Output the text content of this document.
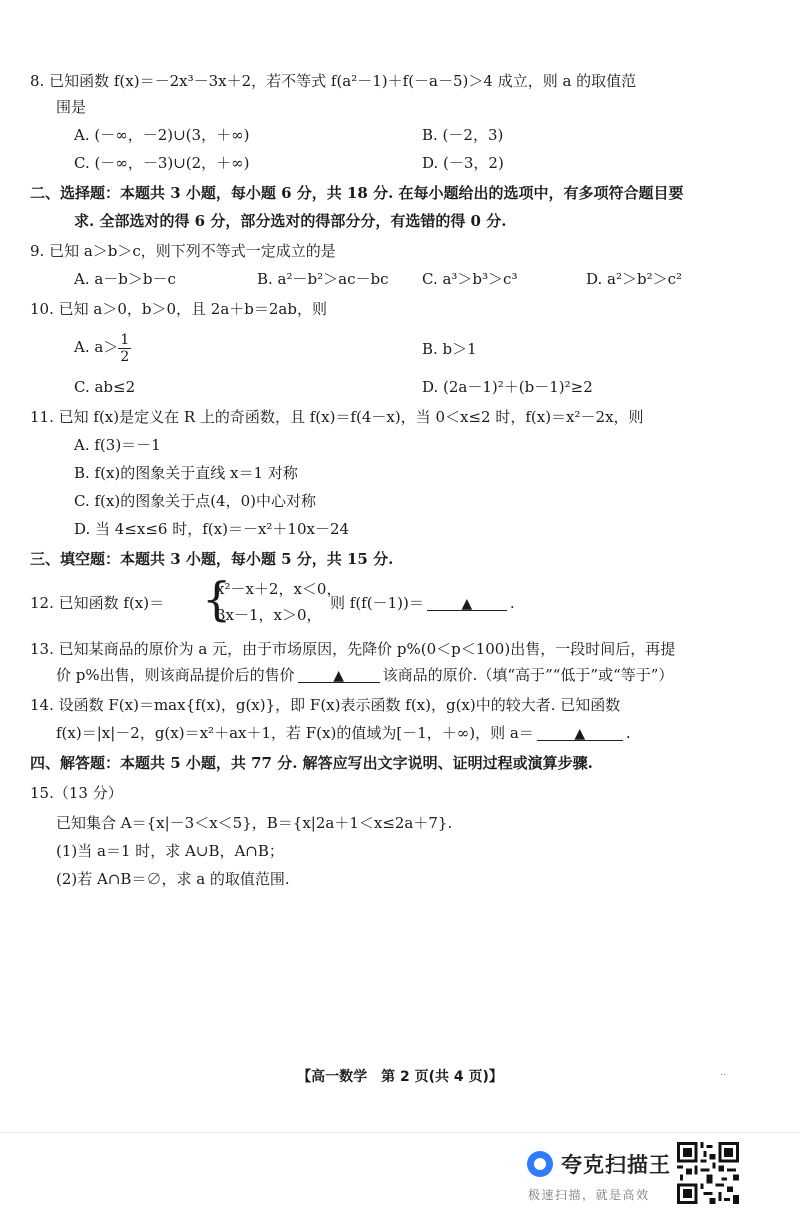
8. 已知函数 f(x)＝－2x³－3x＋2，若不等式 f(a²－1)＋f(－a－5)＞4 成立，则 a 的取值范
围是
A. (－∞，－2)∪(3，＋∞)	B. (－2，3)
C. (－∞，－3)∪(2，＋∞)	D. (－3，2)
二、选择题：本题共 3 小题，每小题 6 分，共 18 分. 在每小题给出的选项中，有多项符合题目要
求. 全部选对的得 6 分，部分选对的得部分分，有选错的得 0 分.
9. 已知 a＞b＞c，则下列不等式一定成立的是
A. a－b＞b－c	B. a²－b²＞ac－bc C. a³＞b³＞c³	D. a²＞b²＞c²
10. 已知 a＞0，b＞0，且 2a＋b＝2ab，则
A. $a> \frac{1}{2}$	B. b＞1
C. ab≤2	D. (2a－1)²＋(b－1)²≥2
11. 已知 f(x)是定义在 R 上的奇函数，且 f(x)＝f(4－x)，当 0＜x≤2 时，f(x)＝x²－2x，则
A. f(3)＝－1
B. f(x)的图象关于直线 x＝1 对称
C. f(x)的图象关于点(4，0)中心对称
D. 当 4≤x≤6 时，f(x)＝－x²＋10x－24
三、填空题：本题共 3 小题，每小题 5 分，共 15 分.
12. 已知函数 f(x)＝ {
x²－x＋2，x＜0，
3x－1，x＞0，
则 f(f(－1))＝	▲	.
13. 已知某商品的原价为 a 元，由于市场原因，先降价 p%(0＜p＜100)出售，一段时间后，再提
价 p%出售，则该商品提价后的售价	▲	该商品的原价.（填“高于”“低于”或“等于”）
14. 设函数 F(x)＝max{f(x)，g(x)}，即 F(x)表示函数 f(x)，g(x)中的较大者. 已知函数
f(x)＝|x|－2，g(x)＝x²＋ax＋1，若 F(x)的值域为[－1，＋∞)，则 a＝	▲	.
四、解答题：本题共 5 小题，共 77 分. 解答应写出文字说明、证明过程或演算步骤.
15.（13 分）
已知集合 A＝{x|－3＜x＜5}，B＝{x|2a＋1＜x≤2a＋7}.
(1)当 a＝1 时，求 A∪B，A∩B；
(2)若 A∩B＝∅，求 a 的取值范围.
【高一数学　第 2 页(共 4 页)】	··
夸克扫描王
极速扫描，就是高效
